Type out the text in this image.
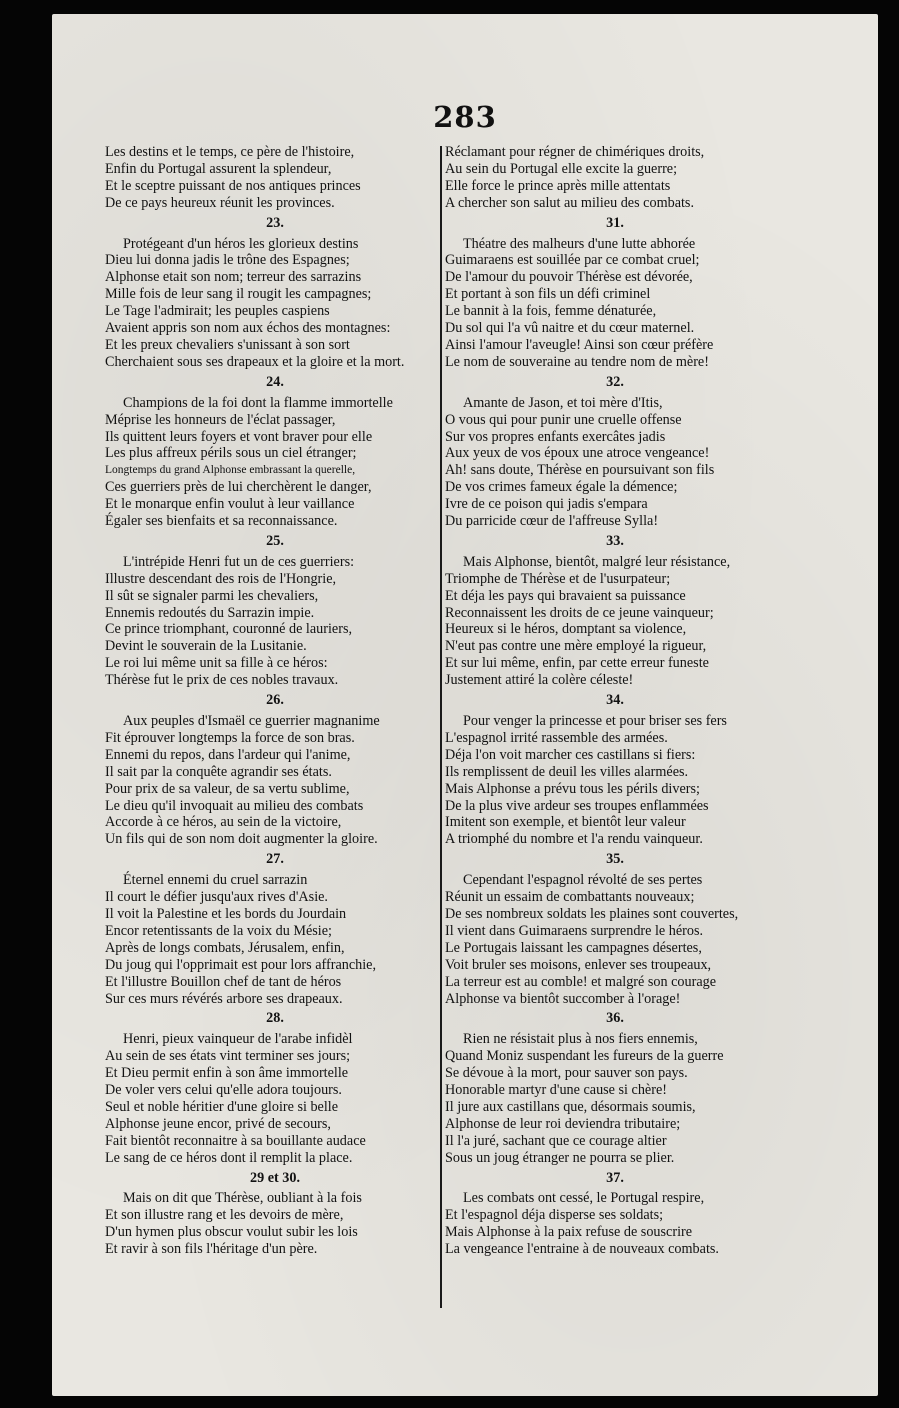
283
Les destins et le temps, ce père de l'histoire,
Enfin du Portugal assurent la splendeur,
Et le sceptre puissant de nos antiques princes
De ce pays heureux réunit les provinces.
23.
Protégeant d'un héros les glorieux destins
Dieu lui donna jadis le trône des Espagnes;
Alphonse etait son nom; terreur des sarrazins
Mille fois de leur sang il rougit les campagnes;
Le Tage l'admirait; les peuples caspiens
Avaient appris son nom aux échos des montagnes:
Et les preux chevaliers s'unissant à son sort
Cherchaient sous ses drapeaux et la gloire et la mort.
24.
Champions de la foi dont la flamme immortelle
Méprise les honneurs de l'éclat passager,
Ils quittent leurs foyers et vont braver pour elle
Les plus affreux périls sous un ciel étranger;
Longtemps du grand Alphonse embrassant la querelle,
Ces guerriers près de lui cherchèrent le danger,
Et le monarque enfin voulut à leur vaillance
Égaler ses bienfaits et sa reconnaissance.
25.
L'intrépide Henri fut un de ces guerriers:
Illustre descendant des rois de l'Hongrie,
Il sût se signaler parmi les chevaliers,
Ennemis redoutés du Sarrazin impie.
Ce prince triomphant, couronné de lauriers,
Devint le souverain de la Lusitanie.
Le roi lui même unit sa fille à ce héros:
Thérèse fut le prix de ces nobles travaux.
26.
Aux peuples d'Ismaël ce guerrier magnanime
Fit éprouver longtemps la force de son bras.
Ennemi du repos, dans l'ardeur qui l'anime,
Il sait par la conquête agrandir ses états.
Pour prix de sa valeur, de sa vertu sublime,
Le dieu qu'il invoquait au milieu des combats
Accorde à ce héros, au sein de la victoire,
Un fils qui de son nom doit augmenter la gloire.
27.
Éternel ennemi du cruel sarrazin
Il court le défier jusqu'aux rives d'Asie.
Il voit la Palestine et les bords du Jourdain
Encor retentissants de la voix du Mésie;
Après de longs combats, Jérusalem, enfin,
Du joug qui l'opprimait est pour lors affranchie,
Et l'illustre Bouillon chef de tant de héros
Sur ces murs révérés arbore ses drapeaux.
28.
Henri, pieux vainqueur de l'arabe infidèl
Au sein de ses états vint terminer ses jours;
Et Dieu permit enfin à son âme immortelle
De voler vers celui qu'elle adora toujours.
Seul et noble héritier d'une gloire si belle
Alphonse jeune encor, privé de secours,
Fait bientôt reconnaitre à sa bouillante audace
Le sang de ce héros dont il remplit la place.
29 et 30.
Mais on dit que Thérèse, oubliant à la fois
Et son illustre rang et les devoirs de mère,
D'un hymen plus obscur voulut subir les lois
Et ravir à son fils l'héritage d'un père.
Réclamant pour régner de chimériques droits,
Au sein du Portugal elle excite la guerre;
Elle force le prince après mille attentats
A chercher son salut au milieu des combats.
31.
Théatre des malheurs d'une lutte abhorée
Guimaraens est souillée par ce combat cruel;
De l'amour du pouvoir Thérèse est dévorée,
Et portant à son fils un défi criminel
Le bannit à la fois, femme dénaturée,
Du sol qui l'a vû naitre et du cœur maternel.
Ainsi l'amour l'aveugle! Ainsi son cœur préfère
Le nom de souveraine au tendre nom de mère!
32.
Amante de Jason, et toi mère d'Itis,
O vous qui pour punir une cruelle offense
Sur vos propres enfants exercâtes jadis
Aux yeux de vos époux une atroce vengeance!
Ah! sans doute, Thérèse en poursuivant son fils
De vos crimes fameux égale la démence;
Ivre de ce poison qui jadis s'empara
Du parricide cœur de l'affreuse Sylla!
33.
Mais Alphonse, bientôt, malgré leur résistance,
Triomphe de Thérèse et de l'usurpateur;
Et déja les pays qui bravaient sa puissance
Reconnaissent les droits de ce jeune vainqueur;
Heureux si le héros, domptant sa violence,
N'eut pas contre une mère employé la rigueur,
Et sur lui même, enfin, par cette erreur funeste
Justement attiré la colère céleste!
34.
Pour venger la princesse et pour briser ses fers
L'espagnol irrité rassemble des armées.
Déja l'on voit marcher ces castillans si fiers:
Ils remplissent de deuil les villes alarmées.
Mais Alphonse a prévu tous les périls divers;
De la plus vive ardeur ses troupes enflammées
Imitent son exemple, et bientôt leur valeur
A triomphé du nombre et l'a rendu vainqueur.
35.
Cependant l'espagnol révolté de ses pertes
Réunit un essaim de combattants nouveaux;
De ses nombreux soldats les plaines sont couvertes,
Il vient dans Guimaraens surprendre le héros.
Le Portugais laissant les campagnes désertes,
Voit bruler ses moisons, enlever ses troupeaux,
La terreur est au comble! et malgré son courage
Alphonse va bientôt succomber à l'orage!
36.
Rien ne résistait plus à nos fiers ennemis,
Quand Moniz suspendant les fureurs de la guerre
Se dévoue à la mort, pour sauver son pays.
Honorable martyr d'une cause si chère!
Il jure aux castillans que, désormais soumis,
Alphonse de leur roi deviendra tributaire;
Il l'a juré, sachant que ce courage altier
Sous un joug étranger ne pourra se plier.
37.
Les combats ont cessé, le Portugal respire,
Et l'espagnol déja disperse ses soldats;
Mais Alphonse à la paix refuse de souscrire
La vengeance l'entraine à de nouveaux combats.
